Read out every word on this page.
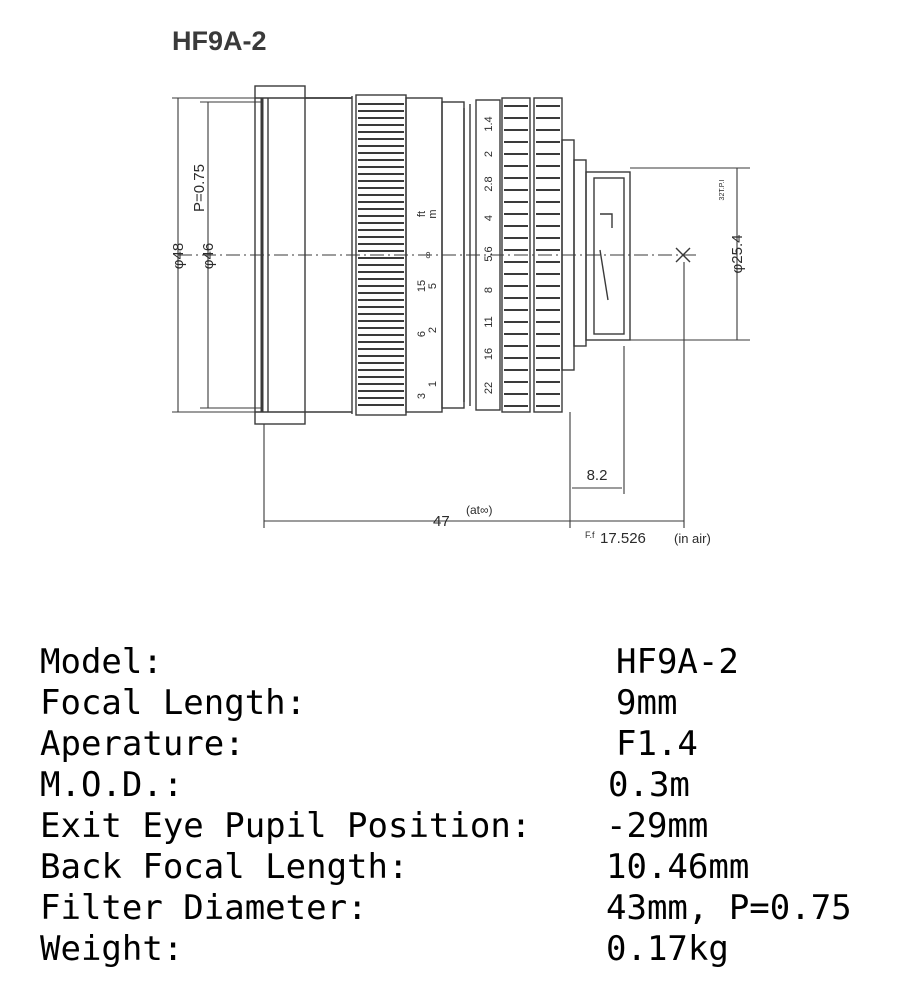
HF9A-2
φ48 φ46
P=0.75
φ25.4
32T.P.I
8.2
47
(at∞)
F.f 17.526 (in air)
ft m
∞
15 5
6
2
3
1
1.4
2
2.8
4
5.6
8
11
16
22
Model:	HF9A-2
Focal Length:	9mm
Aperature:	F1.4
M.O.D.:	0.3m
Exit Eye Pupil Position: -29mm
Back Focal Length:	10.46mm
Filter Diameter:	43mm, P=0.75
Weight:	0.17kg
